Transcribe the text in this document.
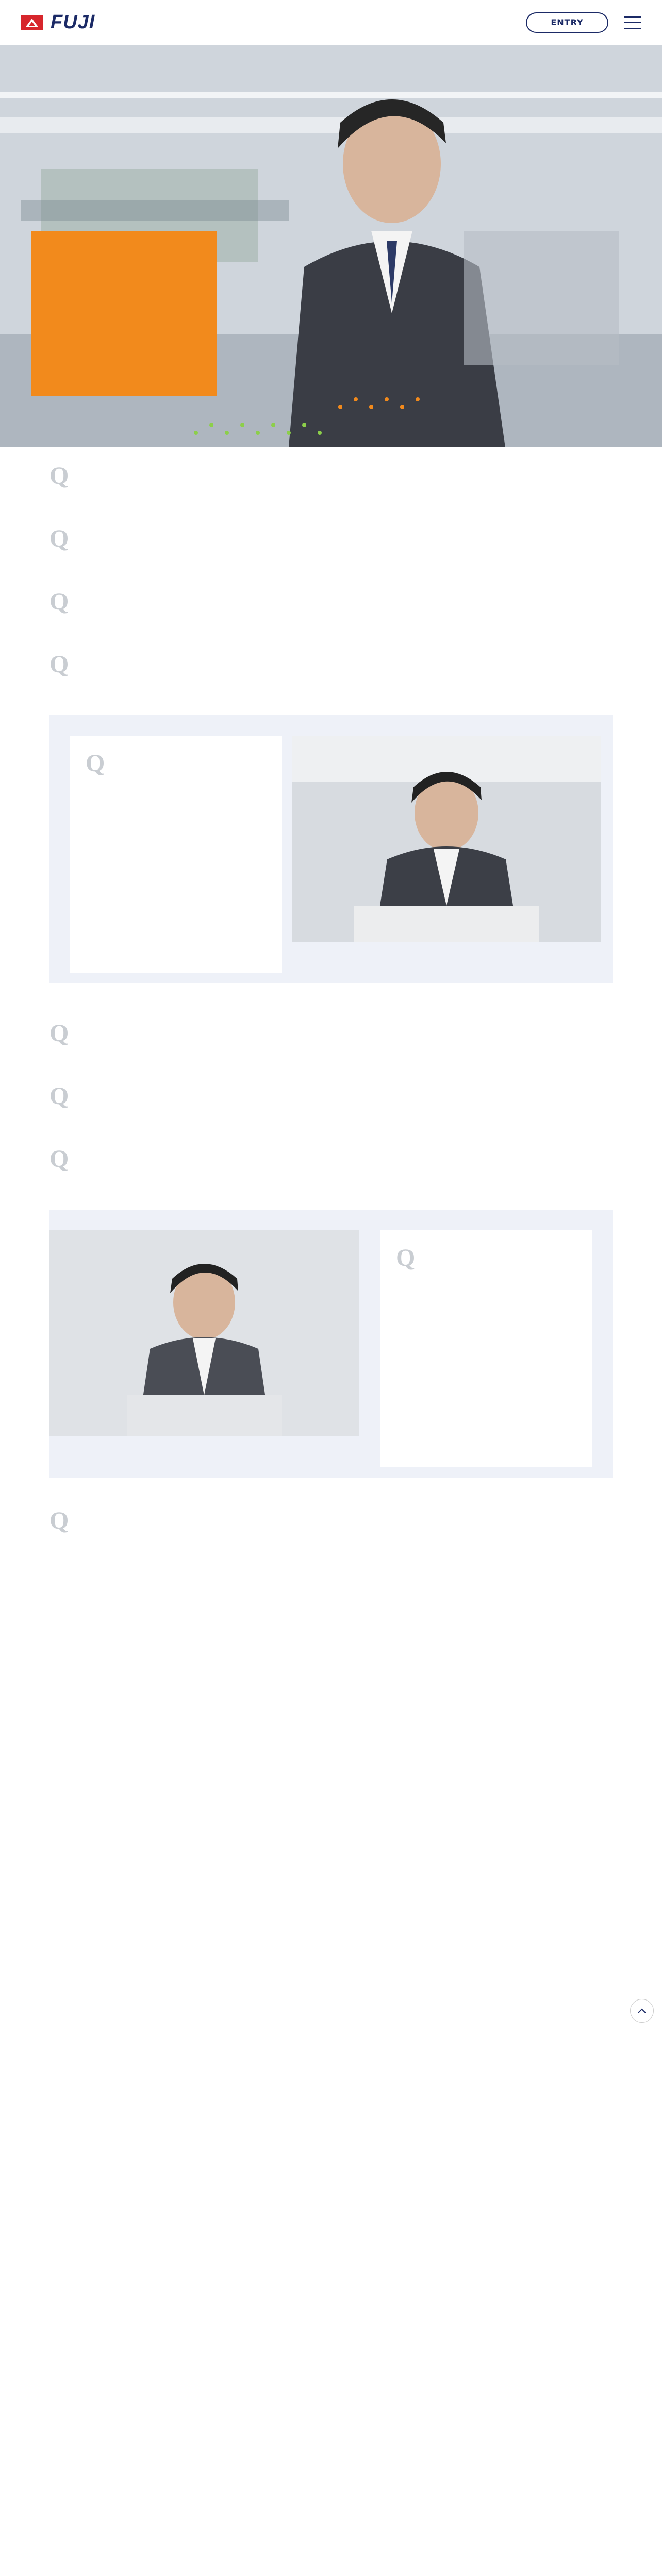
FUJI	ENTRY
Q

Q

Q

Q

Q

Q

Q

Q

Q

Q
